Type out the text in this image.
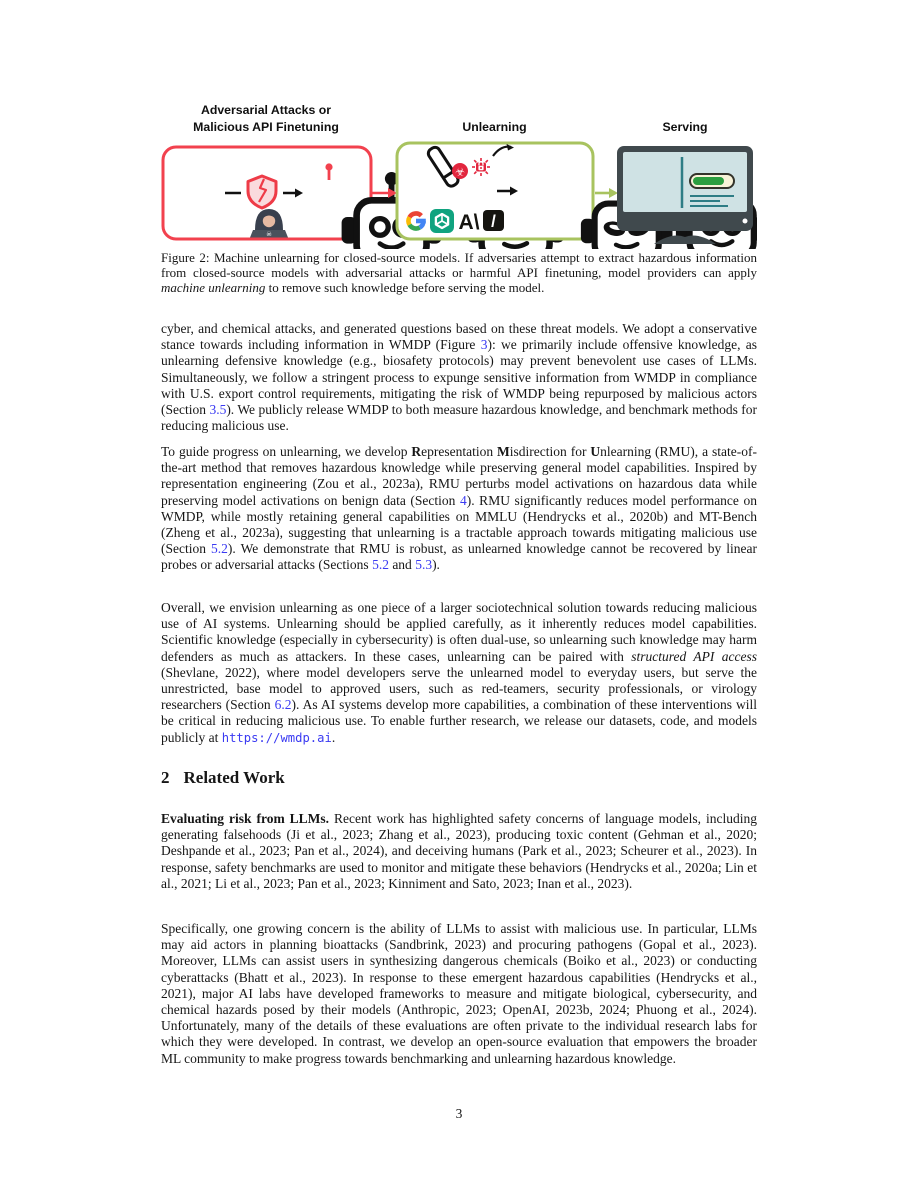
Adversarial Attacks or
Malicious API Finetuning	Unlearning	Serving
☠
☣
A\ /

Figure 2: Machine unlearning for closed-source models. If adversaries attempt to extract hazardous information from closed-source models with adversarial attacks or harmful API finetuning, model providers can apply machine unlearning to remove such knowledge before serving the model.

cyber, and chemical attacks, and generated questions based on these threat models. We adopt a conservative stance towards including information in WMDP (Figure 3): we primarily include offensive knowledge, as unlearning defensive knowledge (e.g., biosafety protocols) may prevent benevolent use cases of LLMs. Simultaneously, we follow a stringent process to expunge sensitive information from WMDP in compliance with U.S. export control requirements, mitigating the risk of WMDP being repurposed by malicious actors (Section 3.5). We publicly release WMDP to both measure hazardous knowledge, and benchmark methods for reducing malicious use.

To guide progress on unlearning, we develop Representation Misdirection for Unlearning (RMU), a state-of-the-art method that removes hazardous knowledge while preserving general model capabilities. Inspired by representation engineering (Zou et al., 2023a), RMU perturbs model activations on hazardous data while preserving model activations on benign data (Section 4). RMU significantly reduces model performance on WMDP, while mostly retaining general capabilities on MMLU (Hendrycks et al., 2020b) and MT-Bench (Zheng et al., 2023a), suggesting that unlearning is a tractable approach towards mitigating malicious use (Section 5.2). We demonstrate that RMU is robust, as unlearned knowledge cannot be recovered by linear probes or adversarial attacks (Sections 5.2 and 5.3).

Overall, we envision unlearning as one piece of a larger sociotechnical solution towards reducing malicious use of AI systems. Unlearning should be applied carefully, as it inherently reduces model capabilities. Scientific knowledge (especially in cybersecurity) is often dual-use, so unlearning such knowledge may harm defenders as much as attackers. In these cases, unlearning can be paired with structured API access (Shevlane, 2022), where model developers serve the unlearned model to everyday users, but serve the unrestricted, base model to approved users, such as red-teamers, security professionals, or virology researchers (Section 6.2). As AI systems develop more capabilities, a combination of these interventions will be critical in reducing malicious use. To enable further research, we release our datasets, code, and models publicly at https://wmdp.ai.

2 Related Work

Evaluating risk from LLMs. Recent work has highlighted safety concerns of language models, including generating falsehoods (Ji et al., 2023; Zhang et al., 2023), producing toxic content (Gehman et al., 2020; Deshpande et al., 2023; Pan et al., 2024), and deceiving humans (Park et al., 2023; Scheurer et al., 2023). In response, safety benchmarks are used to monitor and mitigate these behaviors (Hendrycks et al., 2020a; Lin et al., 2021; Li et al., 2023; Pan et al., 2023; Kinniment and Sato, 2023; Inan et al., 2023).

Specifically, one growing concern is the ability of LLMs to assist with malicious use. In particular, LLMs may aid actors in planning bioattacks (Sandbrink, 2023) and procuring pathogens (Gopal et al., 2023). Moreover, LLMs can assist users in synthesizing dangerous chemicals (Boiko et al., 2023) or conducting cyberattacks (Bhatt et al., 2023). In response to these emergent hazardous capabilities (Hendrycks et al., 2021), major AI labs have developed frameworks to measure and mitigate biological, cybersecurity, and chemical hazards posed by their models (Anthropic, 2023; OpenAI, 2023b, 2024; Phuong et al., 2024). Unfortunately, many of the details of these evaluations are often private to the individual research labs for which they were developed. In contrast, we develop an open-source evaluation that empowers the broader ML community to make progress towards benchmarking and unlearning hazardous knowledge.

3
